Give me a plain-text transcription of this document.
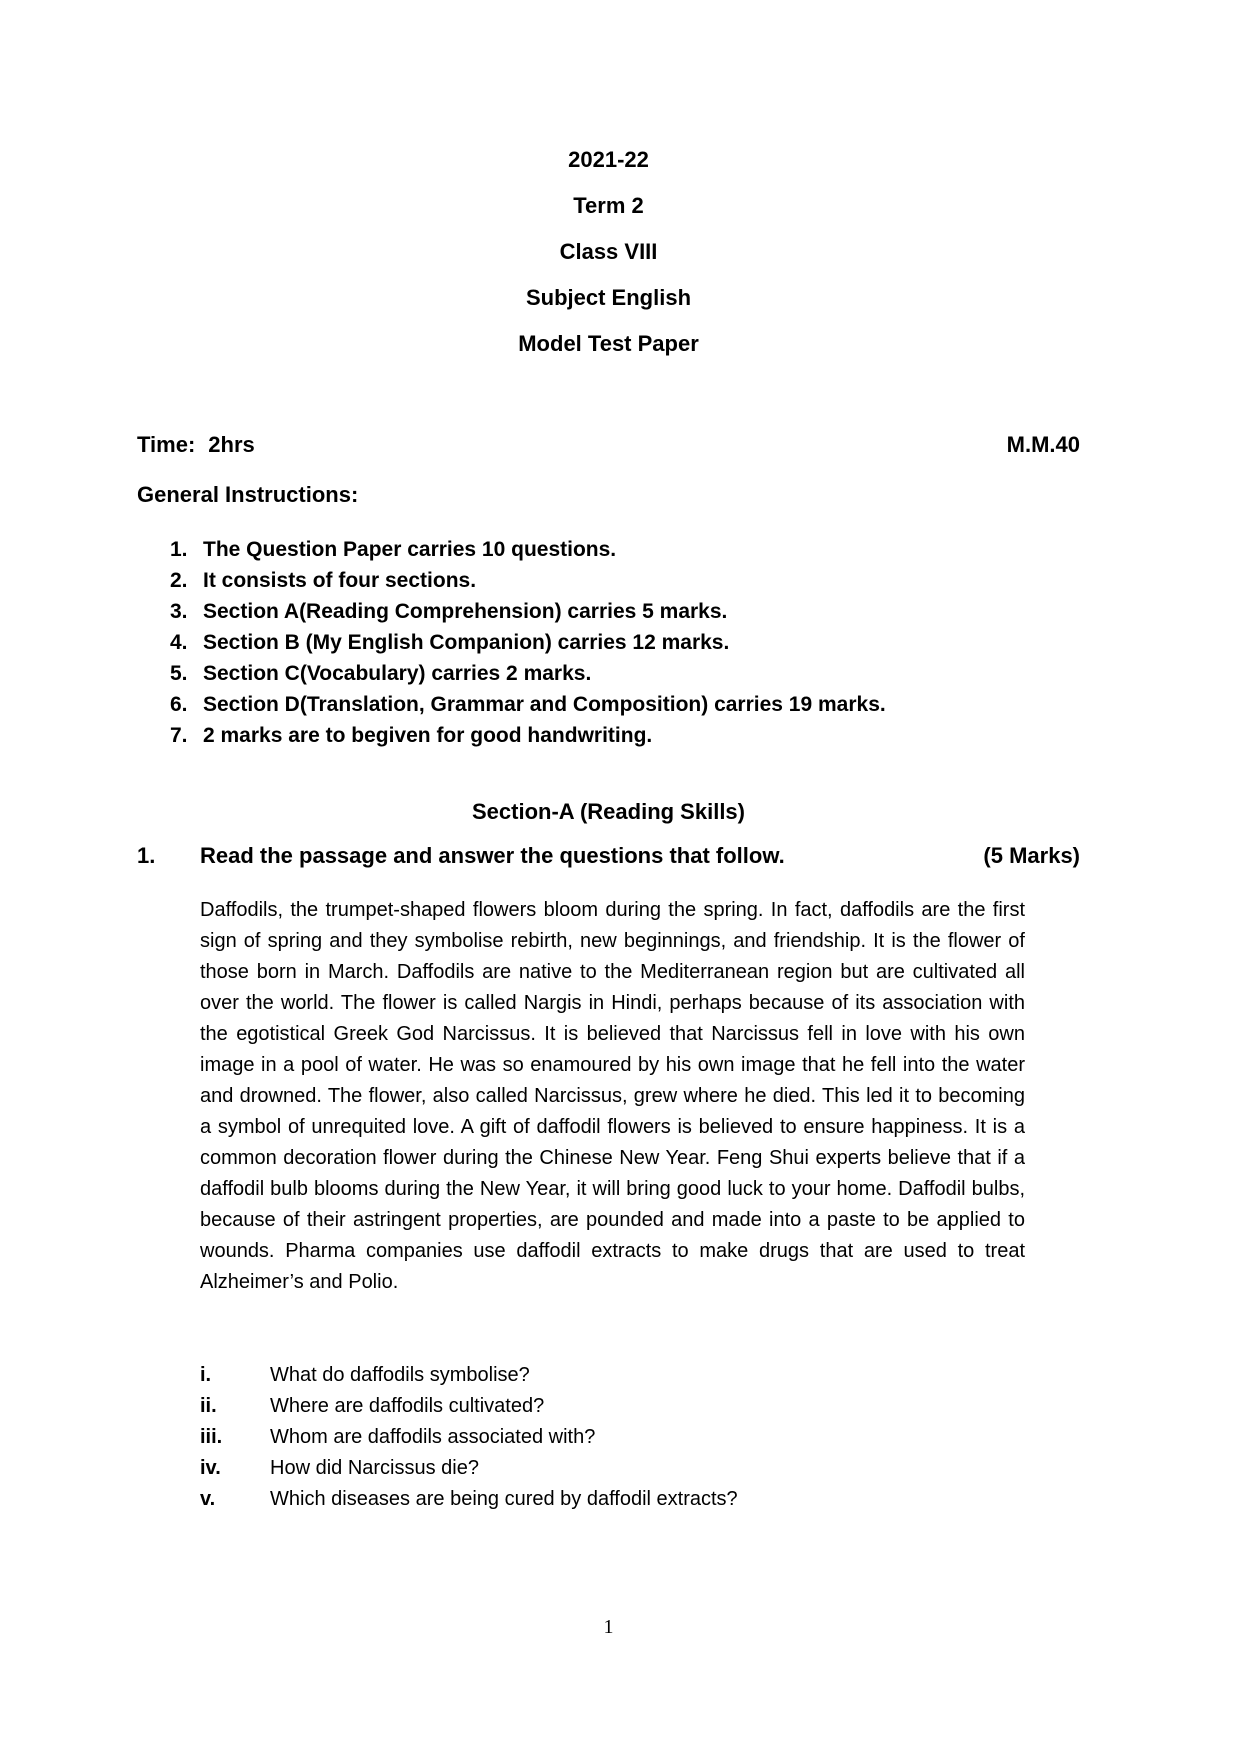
2021-22
Term 2
Class VIII
Subject English
Model Test Paper
Time: 2hrs	M.M.40
General Instructions:
1. The Question Paper carries 10 questions.
2. It consists of four sections.
3. Section A(Reading Comprehension) carries 5 marks.
4. Section B (My English Companion) carries 12 marks.
5. Section C(Vocabulary) carries 2 marks.
6. Section D(Translation, Grammar and Composition) carries 19 marks.
7. 2 marks are to begiven for good handwriting.
Section-A (Reading Skills)
1.	Read the passage and answer the questions that follow.	(5 Marks)
Daffodils, the trumpet-shaped flowers bloom during the spring. In fact, daffodils are the first sign of spring and they symbolise rebirth, new beginnings, and friendship. It is the flower of those born in March. Daffodils are native to the Mediterranean region but are cultivated all over the world. The flower is called Nargis in Hindi, perhaps because of its association with the egotistical Greek God Narcissus. It is believed that Narcissus fell in love with his own image in a pool of water. He was so enamoured by his own image that he fell into the water and drowned. The flower, also called Narcissus, grew where he died. This led it to becoming a symbol of unrequited love. A gift of daffodil flowers is believed to ensure happiness. It is a common decoration flower during the Chinese New Year. Feng Shui experts believe that if a daffodil bulb blooms during the New Year, it will bring good luck to your home. Daffodil bulbs, because of their astringent properties, are pounded and made into a paste to be applied to wounds. Pharma companies use daffodil extracts to make drugs that are used to treat Alzheimer’s and Polio.
i.	What do daffodils symbolise?
ii.	Where are daffodils cultivated?
iii.	Whom are daffodils associated with?
iv.	How did Narcissus die?
v.	Which diseases are being cured by daffodil extracts?
1
